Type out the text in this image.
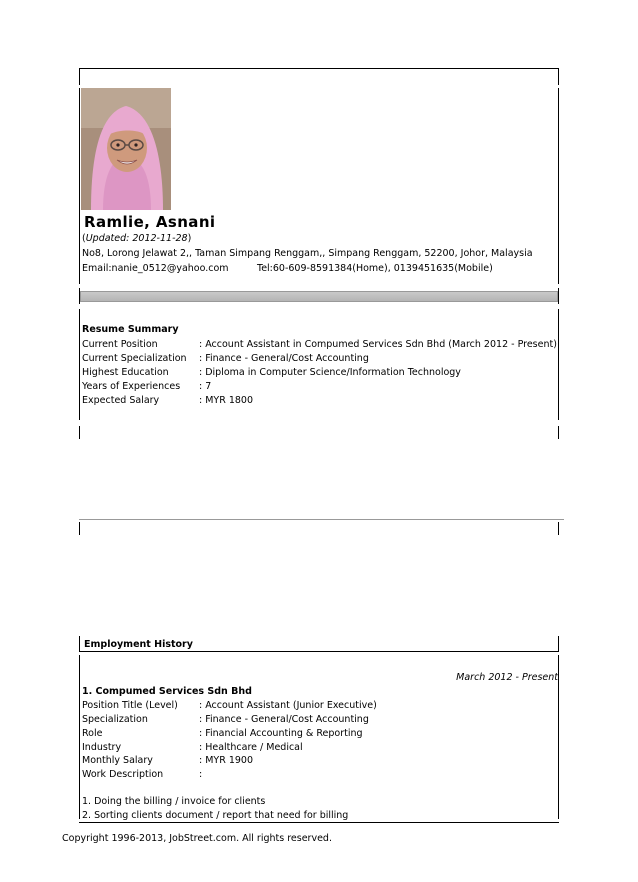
Ramlie, Asnani
(Updated: 2012-11-28)
No8, Lorong Jelawat 2,, Taman Simpang Renggam,, Simpang Renggam, 52200, Johor, Malaysia
Email:nanie_0512@yahoo.com	Tel:60-609-8591384(Home), 0139451635(Mobile)
Resume Summary
Current Position	: Account Assistant in Compumed Services Sdn Bhd (March 2012 - Present)
Current Specialization : Finance - General/Cost Accounting
Highest Education	: Diploma in Computer Science/Information Technology
Years of Experiences : 7
Expected Salary	: MYR 1800
Employment History
March 2012 - Present
1. Compumed Services Sdn Bhd
Position Title (Level) : Account Assistant (Junior Executive)
Specialization	: Finance - General/Cost Accounting
Role	: Financial Accounting & Reporting
Industry	: Healthcare / Medical
Monthly Salary	: MYR 1900
Work Description	:
1. Doing the billing / invoice for clients
2. Sorting clients document / report that need for billing
Copyright 1996-2013, JobStreet.com. All rights reserved.
